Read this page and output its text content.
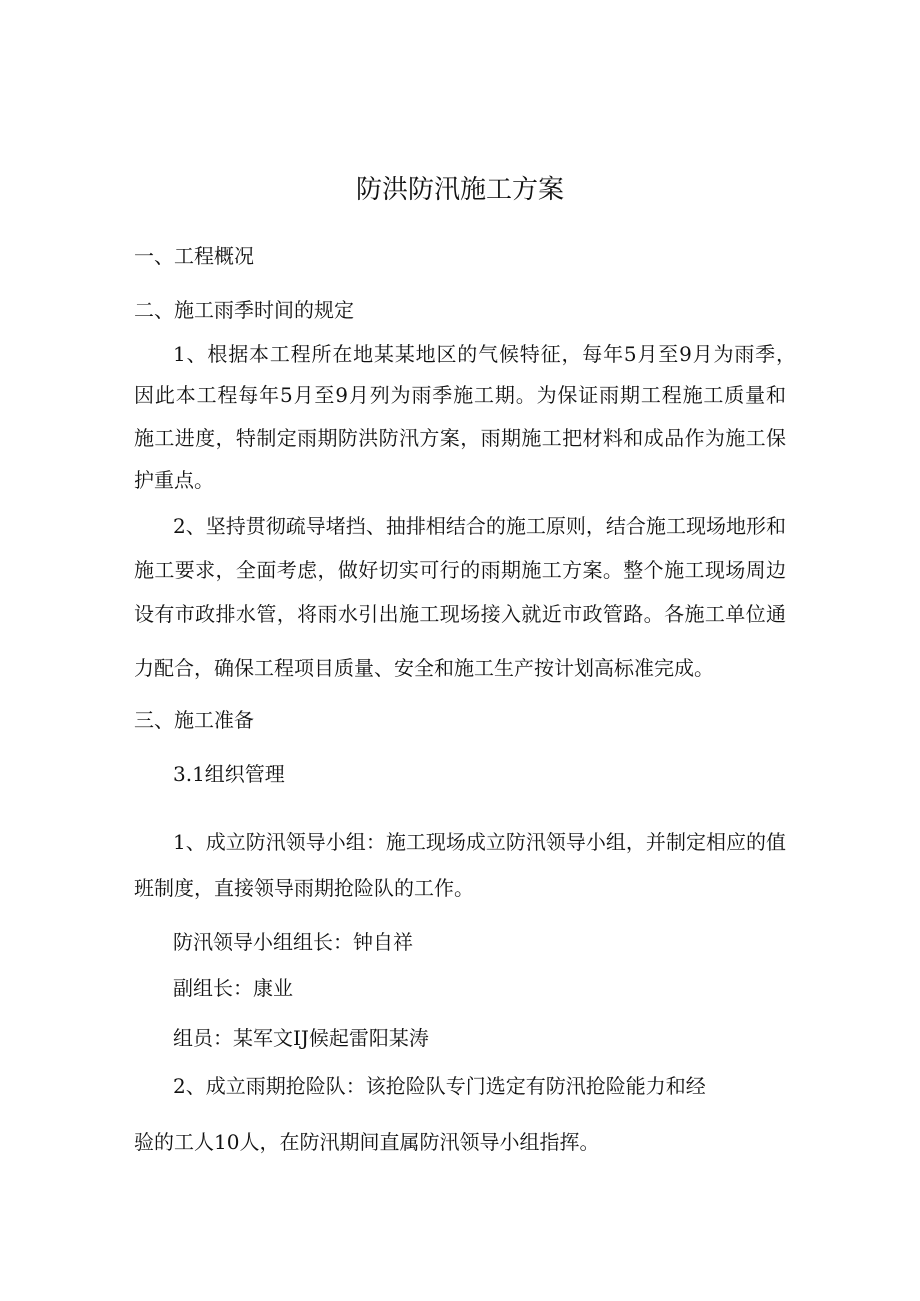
防洪防汛施工方案
一、工程概况
二、施工雨季时间的规定
1、根据本工程所在地某某地区的气候特征，每年5月至9月为雨季，
因此本工程每年5月至9月列为雨季施工期。为保证雨期工程施工质量和
施工进度，特制定雨期防洪防汛方案，雨期施工把材料和成品作为施工保
护重点。
2、坚持贯彻疏导堵挡、抽排相结合的施工原则，结合施工现场地形和
施工要求，全面考虑，做好切实可行的雨期施工方案。整个施工现场周边
设有市政排水管，将雨水引出施工现场接入就近市政管路。各施工单位通
力配合，确保工程项目质量、安全和施工生产按计划高标准完成。
三、施工准备
3.1组织管理
1、成立防汛领导小组：施工现场成立防汛领导小组，并制定相应的值
班制度，直接领导雨期抢险队的工作。
防汛领导小组组长：钟自祥
副组长：康业
组员：某军文IJ候起雷阳某涛
2、成立雨期抢险队：该抢险队专门选定有防汛抢险能力和经
验的工人10人，在防汛期间直属防汛领导小组指挥。
